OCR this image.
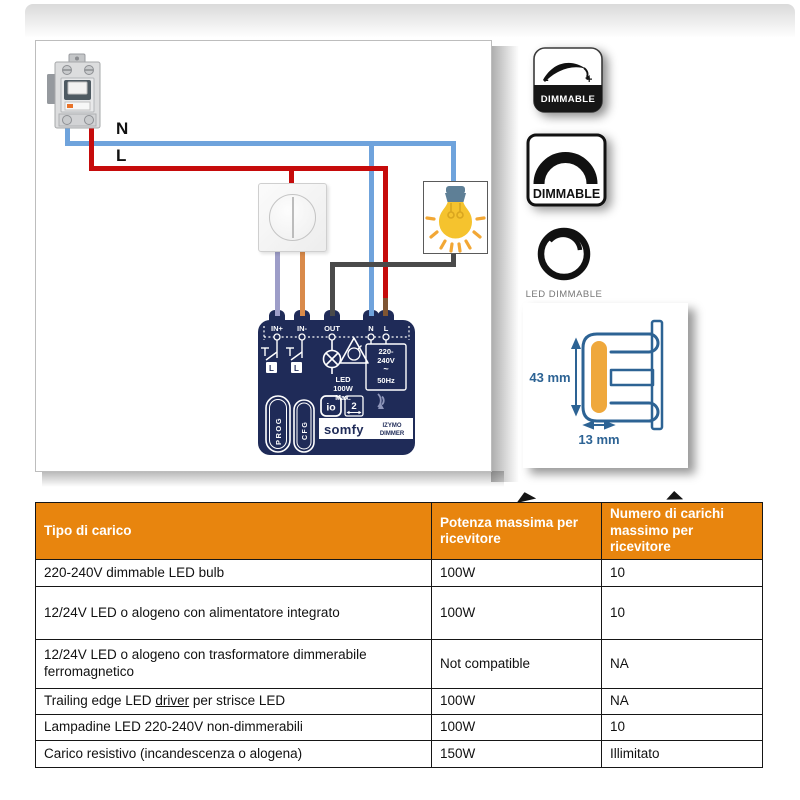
N
L
IN+ IN- OUT	N L
L	L
LED
100W
Max.
220-
240V
~
50Hz
PROG	CFG
io 2
somfy	IZYMO
DIMMER
-	+
DIMMABLE
DIMMABLE
LED DIMMABLE
43 mm
13 mm
Tipo di carico	Potenza massima per ricevitore	Numero di carichi massimo per ricevitore
220-240V dimmable LED bulb	100W	10
12/24V LED o alogeno con alimentatore integrato	100W	10
12/24V LED o alogeno con trasformatore dimmerabile ferromagnetico	Not compatible	NA
Trailing edge LED driver per strisce LED	100W	NA
Lampadine LED 220-240V non-dimmerabili	100W	10
Carico resistivo (incandescenza o alogena)	150W	Illimitato
